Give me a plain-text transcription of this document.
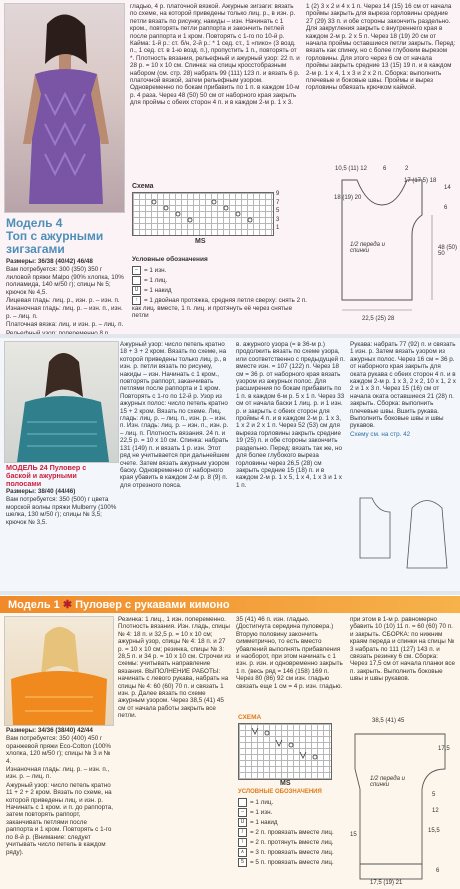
Модель 4
Топ с ажурными
зигзагами

Размеры: 36/38 (40/42) 46/48

Вам потребуется: 300 (350) 350 г лиловой пряжи Malpo (90% хлопка, 10% полиамида, 140 м/50 г); спицы № 5; крючок № 4,5.

Лицевая гладь: лиц. р., изн. р. – изн. п.

Изнаночная гладь: лиц. р. – изн. п., изн. р. – лиц. п.

Платочная вязка: лиц. и изн. р. – лиц. п.

гладью, 4 р. платочной вязкой. Ажурные зигзаги: вязать по схеме, на которой приведены только лиц. р., в изн. р. петли вязать по рисунку, накиды – изн. Начинать с 1 кром., повторять петли раппорта и закончить петлей после раппорта и 1 кром. Повторять с 1-го по 10-й р. Кайма: 1-й р.: ст. б/н, 2-й р.: * 1 сед. ст., 1 «пико» (3 возд. п., 1 сед. ст. в 1-ю возд. п.), пропустить 1 п., повторять от *. Плотность вязания, рельефный и ажурный узор: 22 п. и 28 р. = 10 х 10 см. Спинка: на спицы кросстобразным набором (см. стр. 28) набрать 99 (111) 123 п. и вязать 6 р. платочной вязкой, затем рельефным узором. Одновременно по бокам прибавить по 1 п. в каждом 10-м р. 4 раза. Через 48 (50) 50 см от наборного края закрыть для проймы с обеих сторон 4 п. и в каждом 2-м р. 1 х 3.

1 (2) 3 х 2 и 4 х 1 п. Через 14 (15) 16 см от начала проймы закрыть для выреза горловины средние 27 (29) 33 п. и обе стороны закончить раздельно. Для закругления закрыть с внутреннего края в каждом 2-м р. 2 х 5 п. Через 18 (19) 20 см от начала проймы оставшиеся петли закрыть. Перед: вязать как спинку, но с более глубоким вырезом горловины. Для этого через 6 см от начала проймы закрыть средние 13 (15) 19 п. и в каждом 2-м р. 1 х 4, 1 х 3 и 2 х 2 п. Сборка: выполнить плечевые и боковые швы. Проймы и вырез горловины обвязать крючком каймой.

Схема
9
7
5
3
1
MS
Условные обозначения

– = 1 изн.

= 1 лиц.

U = 1 накид

↑ = 1 двойная протяжка, средняя петля сверху: снять 2 п. как лиц. вместе, 1 п. лиц. и протянуть её через снятые петли

10,5 (11) 12	6	2
17 (17,5) 18
14
18 (19) 20
6
48 (50) 50
1/2 переда и спинки
22,5 (25) 28
МОДЕЛЬ 24 Пуловер с баской и ажурными полосами

Размеры: 38/40 (44/46)

Вам потребуется: 350 (500) г цвета морской волны пряжи Mulberry (100% шелка, 130 м/50 г); спицы № 3,5; крючок № 3,5.

Ажурный узор: число петель кратно 18 + 3 + 2 кром. Вязать по схеме, на которой приведены только лиц. р., в изн. р. петли вязать по рисунку, накиды – изн. Начинать с 1 кром., повторять раппорт, заканчивать петлями после раппорта и 1 кром. Повторять с 1-го по 12-й р. Узор из ажурных полос: число петель кратно 15 + 2 кром. Вязать по схеме. Лиц. гладь: лиц. р. – лиц. п., изн. р. – изн. п. Изн. гладь: лиц. р. – изн. п., изн. р. – лиц. п. Плотность вязания. 24 п. и 22,5 р. = 10 х 10 см. Спинка: набрать 131 (149) п. и вязать 1 р. изн. Этот ряд не учитывается при дальнейшем счете. Затем вязать ажурным узором баску. Одновременно от наборного края убавить в каждом 2-м р. 8 (9) п. для отрезного пояса.

в. ажурного узора (= в 36-м р.) продолжить вязать по схеме узора, или соответственно с предыдущей п. вместе изн. = 107 (122) п. Через 18 см = 36 р. от наборного края вязать узором из ажурных полос. Для расширения по бокам прибавить по 1 п. в каждом 6-м р. 5 х 1 п. Через 33 см от начала баски 1 лиц. р. и 1 изн. р. и закрыть с обеих сторон для проймы 4 п. и в каждом 2-м р. 1 х 3, 1 х 2 и 2 х 1 п. Через 52 (53) см для выреза горловины закрыть средние 19 (25) п. и обе стороны закончить раздельно. Перед: вязать так же, но для более глубокого выреза горловины через 26,5 (28) см закрыть средние 15 (18) п. и в каждом 2-м р. 1 х 5, 1 х 4, 1 х 3 и 1 х 1 п.

Рукава: набрать 77 (92) п. и связать 1 изн. р. Затем вязать узором из ажурных полос. Через 16 см = 36 р. от наборного края закрыть для оката рукава с обеих сторон 4 п. и в каждом 2-м р. 1 х 3, 2 х 2, 10 х 1, 2 х 2 и 1 х 3 п. Через 15 (16) см от начала оката оставшиеся 21 (28) п. закрыть. Сборка: выполнить плечевые швы. Вшить рукава. Выполнить боковые швы и швы рукавов.

Схему см. на стр. 42

Модель 1 ✱ Пуловер с рукавами кимоно

Размеры: 34/36 (38/40) 42/44

Вам потребуется: 350 (400) 450 г оранжевой пряжи Eco-Cotton (100% хлопка, 120 м/50 г); спицы № 3 и № 4.

Изнаночная гладь: лиц. р. – изн. п., изн. р. – лиц. п.

Ажурный узор: число петель кратно 11 + 2 + 2 кром. Вязать по схеме, на которой приведены лиц. и изн. р. Начинать с 1 кром. и п. до раппорта, затем повторять раппорт, заканчивать петлями после раппорта и 1 кром. Повторять с 1-го по 8-й р. (Внимание: следует учитывать число петель в каждом ряду).

Резинка: 1 лиц., 1 изн. попеременно. Плотность вязания. Изн. гладь, спицы № 4: 18 п. и 32,5 р. = 10 х 10 см; ажурный узор, спицы № 4: 18 п. и 27 р. = 10 х 10 см; резинка, спицы № 3: 28,5 п. и 34 р. = 10 х 10 см. Строчки из схемы: учитывать направление вязания. ВЫПОЛНЕНИЕ РАБОТЫ: начинать с левого рукава, набрать на спицы № 4: 60 (60) 70 п. и связать 1 изн. р. Далее вязать по схеме ажурным узором. Через 38,5 (41) 45 см от начала работы закрыть все петли.

35 (41) 46 п. изн. гладью. (Достигнута середина пуловера.) Вторую половину закончить симметрично, то есть вместо убавлений выполнять прибавления и наоборот, при этом начинать с 1 изн. р. изн. и одновременно закрыть 1 п. (весь ряд = 146 (158) 169 п. Через 80 (86) 92 см изн. гладью связать еще 1 см = 4 р. изн. гладью.

при этом в 1-м р. равномерно убавить 10 (10) 11 п. = 60 (60) 70 п. и закрыть. СБОРКА: по нижним краям переда и спинки на спицы № 3 набрать по 111 (127) 143 п. и связать резинку 6 см. Сборка: Через 17,5 см от начала планки все п. закрыть. Выполнить боковые швы и швы рукавов.

СХЕМА
MS
УСЛОВНЫЕ ОБОЗНАЧЕНИЯ

= 1 лиц.

– = 1 изн.

U = 1 накид

/ = 2 п. провязать вместе лиц.

\ = 2 п. протянуть вместе лиц.

∧ = 3 п. провязать вместе лиц.

5 = 5 п. провязать вместе лиц.

38,5 (41) 45
17,5
1/2 переда и спинки
5
12
15,5
15
6
17,5 (19) 21
